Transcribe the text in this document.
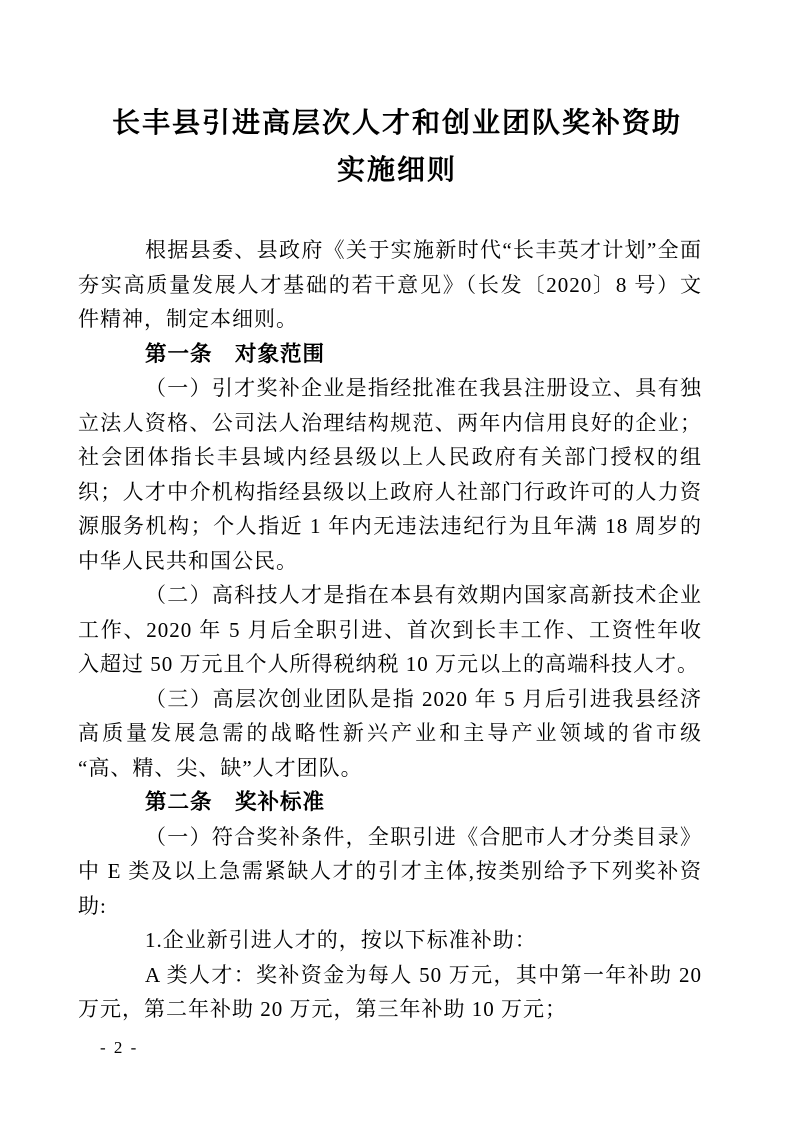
长丰县引进高层次人才和创业团队奖补资助
实施细则

根据县委、县政府《关于实施新时代“长丰英才计划”全面夯实高质量发展人才基础的若干意见》（长发〔2020〕8 号）文件精神，制定本细则。

第一条　对象范围

（一）引才奖补企业是指经批准在我县注册设立、具有独立法人资格、公司法人治理结构规范、两年内信用良好的企业；社会团体指长丰县域内经县级以上人民政府有关部门授权的组织；人才中介机构指经县级以上政府人社部门行政许可的人力资源服务机构；个人指近 1 年内无违法违纪行为且年满 18 周岁的中华人民共和国公民。

（二）高科技人才是指在本县有效期内国家高新技术企业工作、2020 年 5 月后全职引进、首次到长丰工作、工资性年收入超过 50 万元且个人所得税纳税 10 万元以上的高端科技人才。

（三）高层次创业团队是指 2020 年 5 月后引进我县经济高质量发展急需的战略性新兴产业和主导产业领域的省市级“高、精、尖、缺”人才团队。

第二条　奖补标准

（一）符合奖补条件，全职引进《合肥市人才分类目录》中 E 类及以上急需紧缺人才的引才主体,按类别给予下列奖补资助:

1.企业新引进人才的，按以下标准补助：

A 类人才：奖补资金为每人 50 万元，其中第一年补助 20 万元，第二年补助 20 万元，第三年补助 10 万元；

- 2 -
